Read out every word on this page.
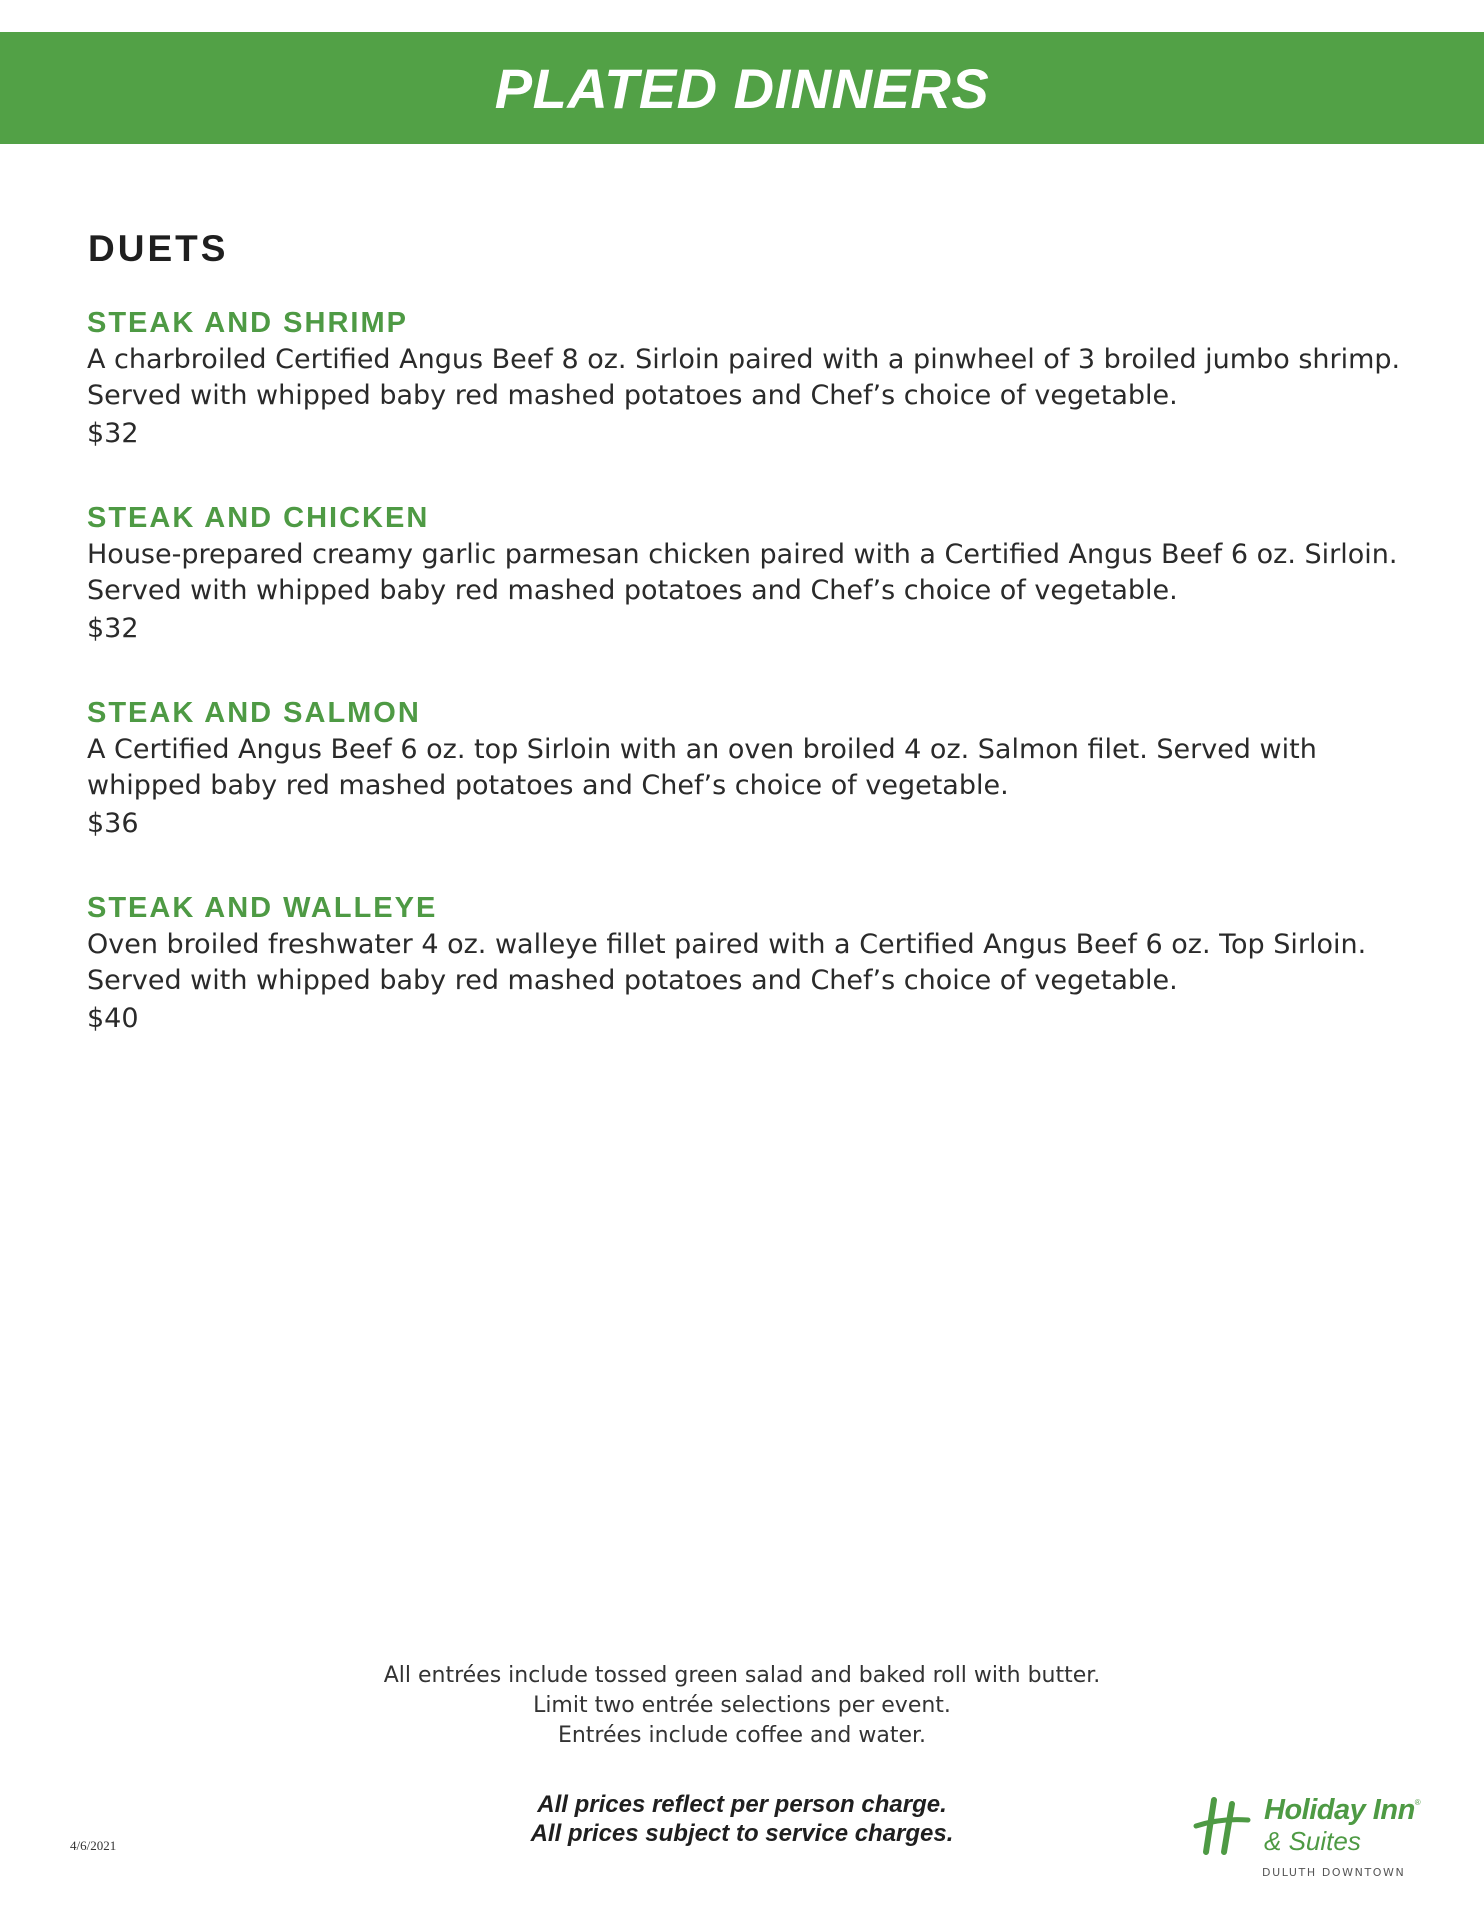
PLATED DINNERS
DUETS
STEAK AND SHRIMP
A charbroiled Certified Angus Beef 8 oz. Sirloin paired with a pinwheel of 3 broiled jumbo shrimp. Served with whipped baby red mashed potatoes and Chef’s choice of vegetable.
$32
STEAK AND CHICKEN
House-prepared creamy garlic parmesan chicken paired with a Certified Angus Beef 6 oz. Sirloin. Served with whipped baby red mashed potatoes and Chef’s choice of vegetable.
$32
STEAK AND SALMON
A Certified Angus Beef 6 oz. top Sirloin with an oven broiled 4 oz. Salmon filet. Served with whipped baby red mashed potatoes and Chef’s choice of vegetable.
$36
STEAK AND WALLEYE
Oven broiled freshwater 4 oz. walleye fillet paired with a Certified Angus Beef 6 oz. Top Sirloin. Served with whipped baby red mashed potatoes and Chef’s choice of vegetable.
$40
All entrées include tossed green salad and baked roll with butter.
Limit two entrée selections per event.
Entrées include coffee and water.
All prices reflect per person charge.
All prices subject to service charges.
4/6/2021
Holiday Inn®
& Suites
DULUTH DOWNTOWN
